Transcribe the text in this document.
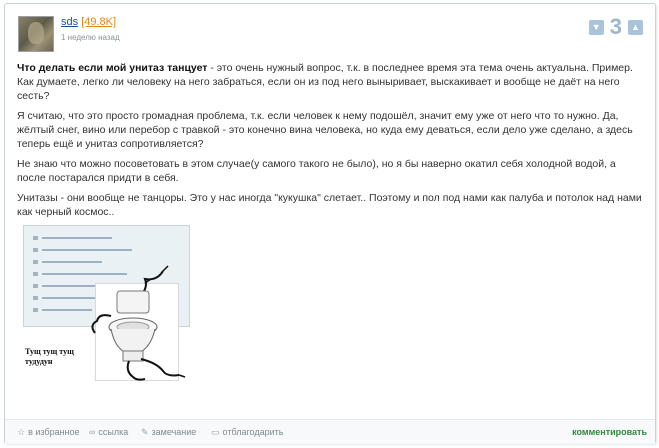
sds [49.8K]
1 неделю назад
▼ 3	▲

Что делать если мой унитаз танцует - это очень нужный вопрос, т.к. в последнее время эта тема очень актуальна. Пример. Как думаете, легко ли человеку на него забраться, если он из под него выныривает, выскакивает и вообще не даёт на него сесть?

Я считаю, что это просто громадная проблема, т.к. если человек к нему подошёл, значит ему уже от него что то нужно. Да, жёлтый снег, вино или перебор с травкой - это конечно вина человека, но куда ему деваться, если дело уже сделано, а здесь теперь ещё и унитаз сопротивляется?

Не знаю что можно посоветовать в этом случае(у самого такого не было), но я бы наверно окатил себя холодной водой, а после постарался придти в себя.

Унитазы - они вообще не танцоры. Это у нас иногда "кукушка" слетает.. Поэтому и пол под нами как палуба и потолок над нами как черный космос..

Тущ тущ тущ
тудудун
☆ в избранное ∞ ссылка ✎ замечание ▭ отблагодарить	комментировать
